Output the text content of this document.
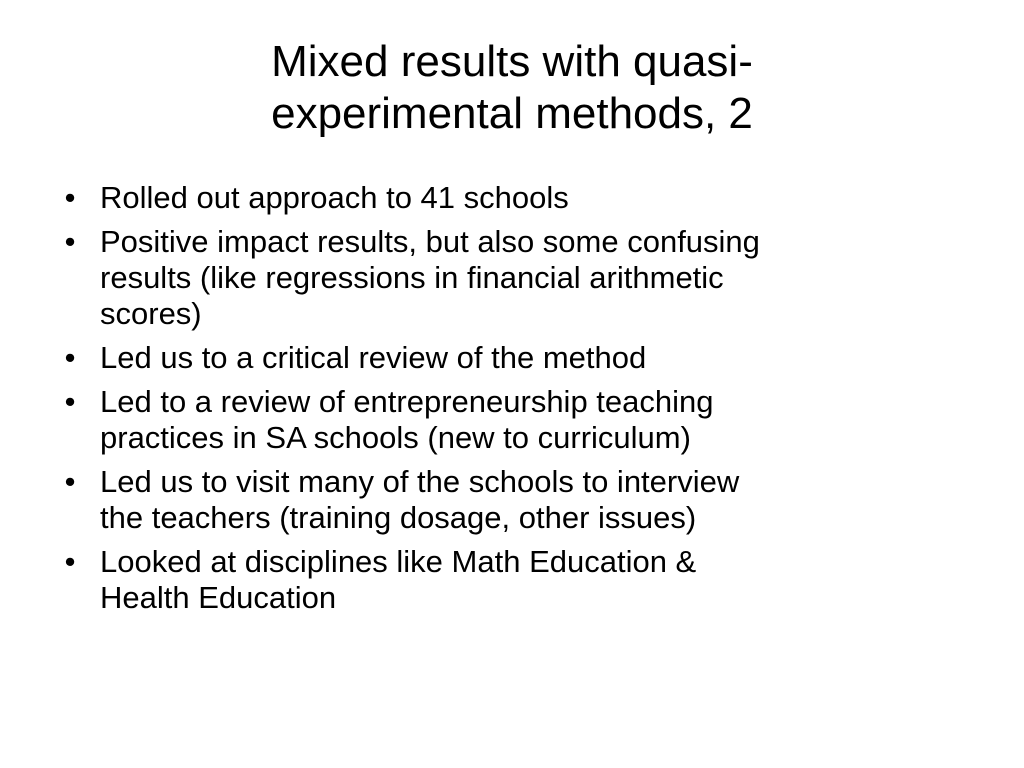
Mixed results with quasi-
experimental methods, 2
• Rolled out approach to 41 schools
• Positive impact results, but also some confusing
results (like regressions in financial arithmetic
scores)
• Led us to a critical review of the method
• Led to a review of entrepreneurship teaching
practices in SA schools (new to curriculum)
• Led us to visit many of the schools to interview
the teachers (training dosage, other issues)
• Looked at disciplines like Math Education &
Health Education
